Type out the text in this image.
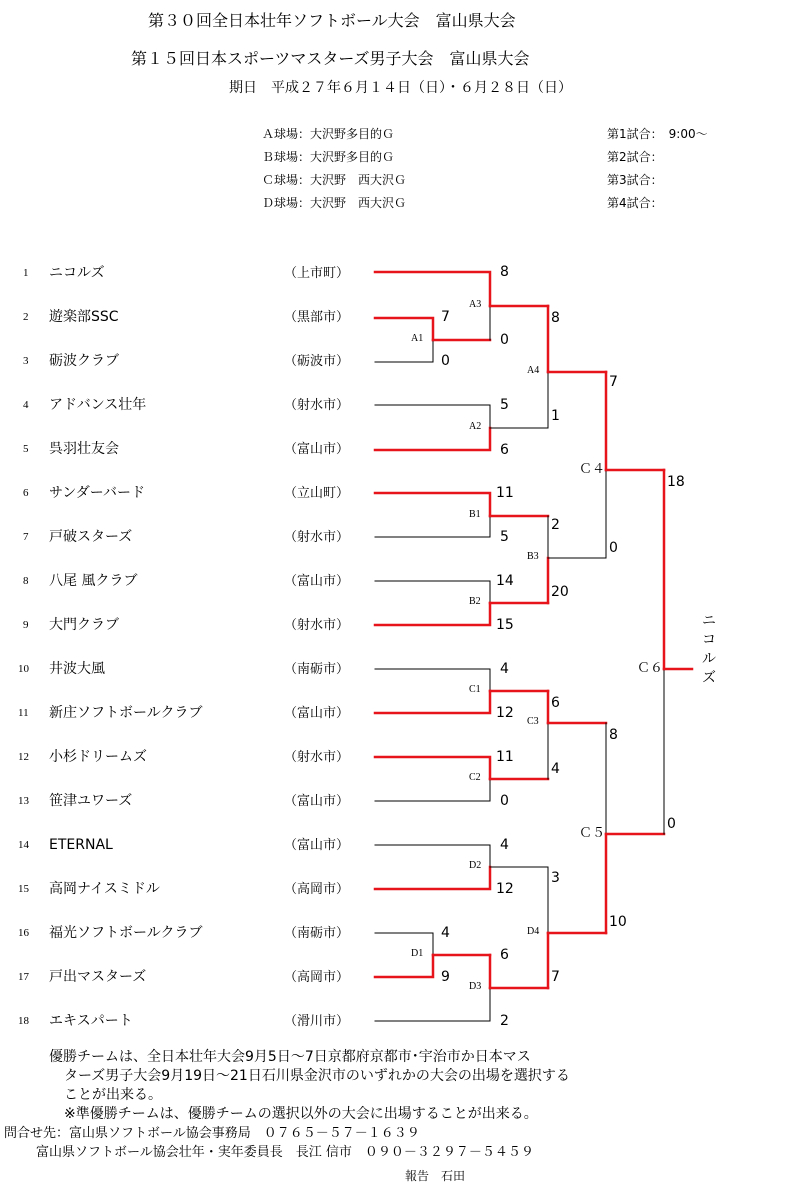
第３０回全日本壮年ソフトボール大会　富山県大会
第１５回日本スポーツマスターズ男子大会　富山県大会
期日　平成２７年６月１４日（日）・６月２８日（日）
Ａ球場：大沢野多目的Ｇ
Ｂ球場：大沢野多目的Ｇ
Ｃ球場：大沢野　西大沢Ｇ
Ｄ球場：大沢野　西大沢Ｇ
第1試合：　9:00～
第2試合：
第3試合：
第4試合：
1 ニコルズ	（上市町）
2 遊楽部SSC	（黒部市）
3 砺波クラブ	（砺波市）
4 アドバンス壮年	（射水市）
5 呉羽壮友会	（富山市）
6 サンダーバード	（立山町）
7 戸破スターズ	（射水市）
8 八尾 風クラブ	（富山市）
9 大門クラブ	（射水市）
10 井波大風	（南砺市）
11 新庄ソフトボールクラブ	（富山市）
12 小杉ドリームズ	（射水市）
13 笹津ユワーズ	（富山市）
14 ETERNAL	（富山市）
15 高岡ナイスミドル	（高岡市）
16 福光ソフトボールクラブ	（南砺市）
17 戸出マスターズ	（高岡市）
18 エキスパート	（滑川市）
A1
7
0
A3
8
0
A2
5
6
A4
8
1
B1
11
5
B2
14
15
B3
2
20
Ｃ４
7
0
C1
4
12
C2
11
0
C3
6
4
D2
4
12
D1
4
9
D3
6
2
D4
3
7
Ｃ５
8
10
Ｃ６
18
0
ニ
コ
ル
ズ
優勝チームは、全日本壮年大会9月5日～7日京都府京都市･宇治市か日本マス
ターズ男子大会9月19日～21日石川県金沢市のいずれかの大会の出場を選択する
ことが出来る。
※準優勝チームは、優勝チームの選択以外の大会に出場することが出来る。
問合せ先：富山県ソフトボール協会事務局　０７６５－５７－１６３９
富山県ソフトボール協会壮年・実年委員長　長江 信市　０９０－３２９７－５４５９
報告　石田
